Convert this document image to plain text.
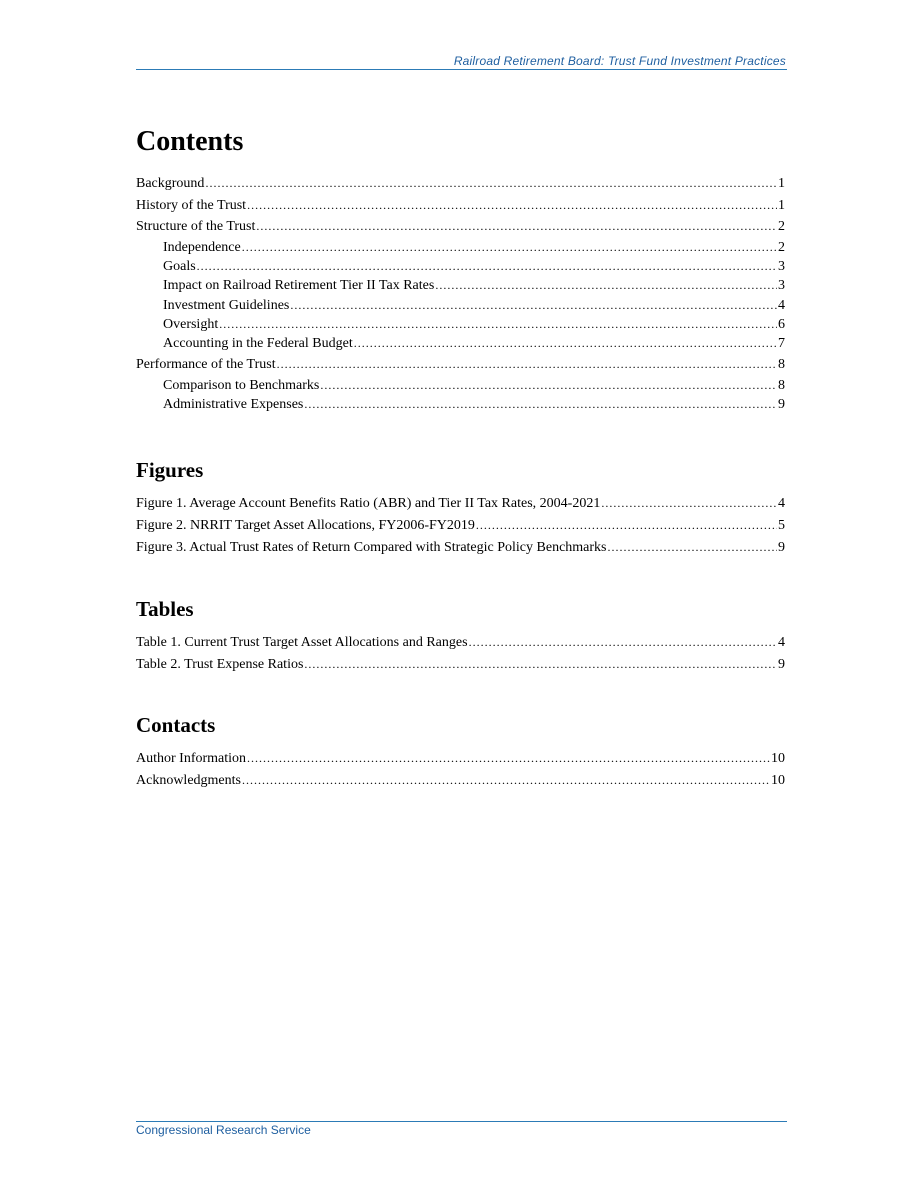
Railroad Retirement Board: Trust Fund Investment Practices
Contents
Background .....	1
History of the Trust .....	1
Structure of the Trust .....	2
Independence .....	2
Goals .....	3
Impact on Railroad Retirement Tier II Tax Rates .....	3
Investment Guidelines .....	4
Oversight .....	6
Accounting in the Federal Budget .....	7
Performance of the Trust .....	8
Comparison to Benchmarks .....	8
Administrative Expenses .....	9
Figures
Figure 1. Average Account Benefits Ratio (ABR) and Tier II Tax Rates, 2004-2021 .....	4
Figure 2. NRRIT Target Asset Allocations, FY2006-FY2019 .....	5
Figure 3. Actual Trust Rates of Return Compared with Strategic Policy Benchmarks .....	9
Tables
Table 1. Current Trust Target Asset Allocations and Ranges .....	4
Table 2. Trust Expense Ratios .....	9
Contacts
Author Information .....	10
Acknowledgments .....	10
Congressional Research Service
